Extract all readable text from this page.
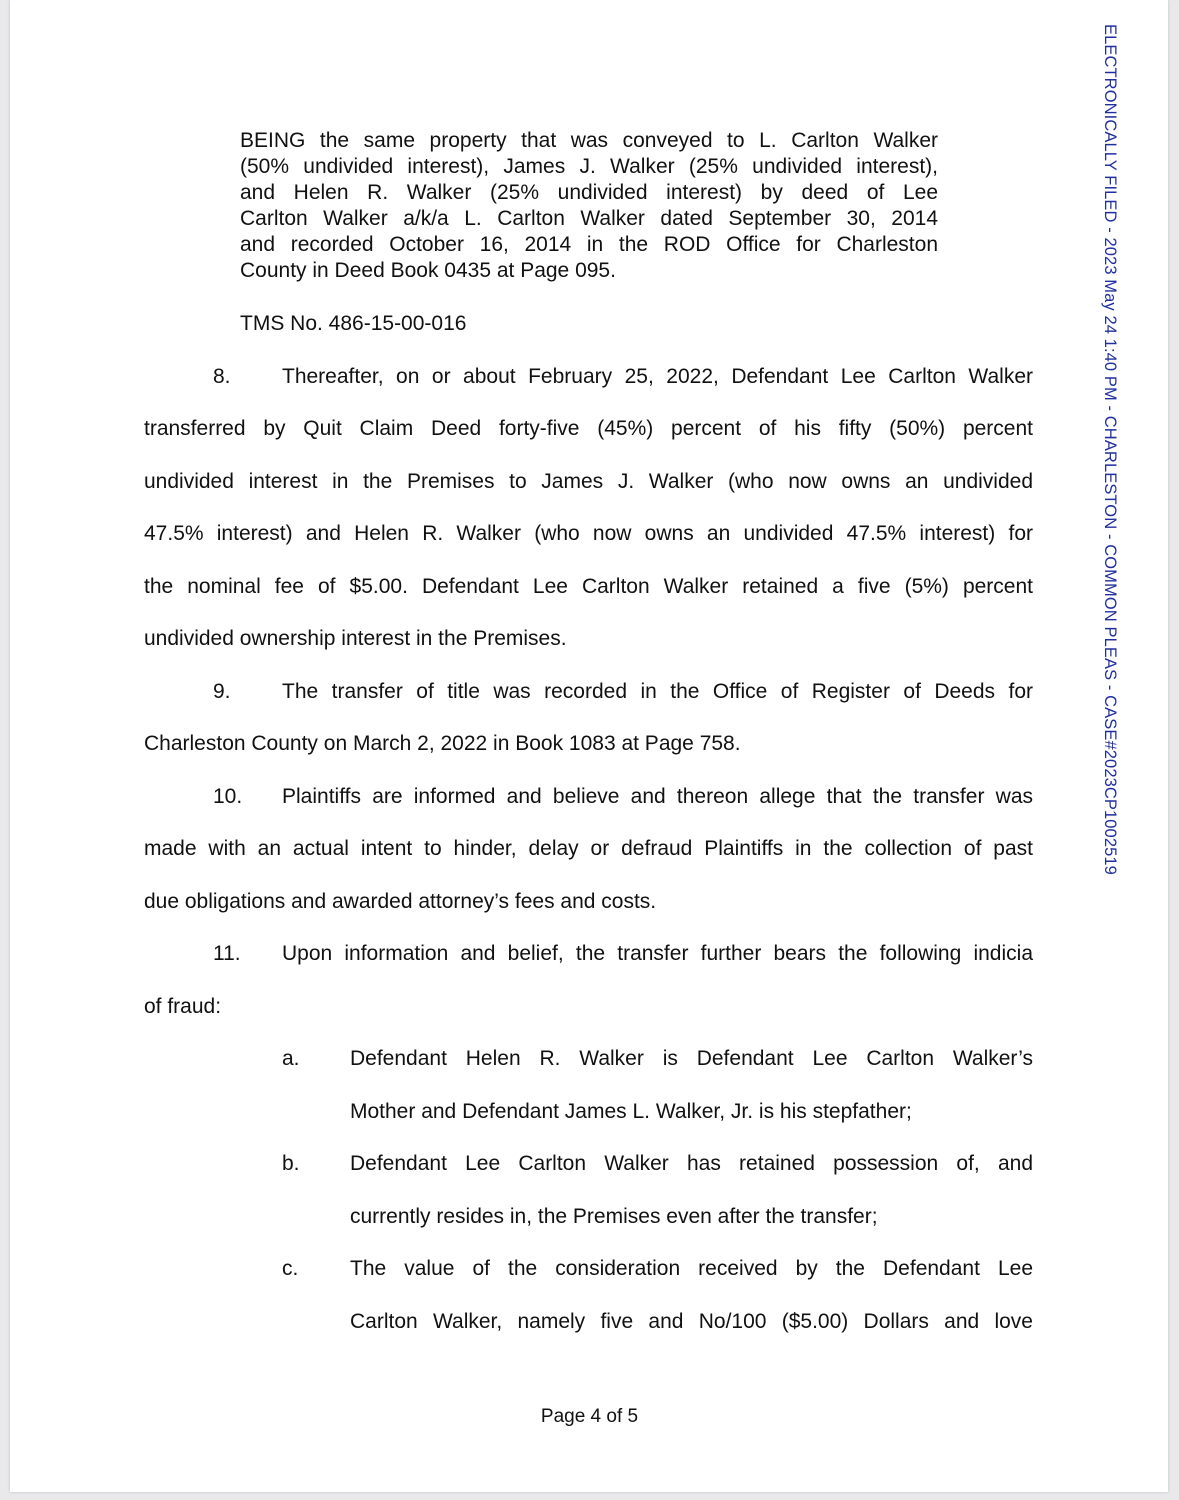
ELECTRONICALLY FILED - 2023 May 24 1:40 PM - CHARLESTON - COMMON PLEAS - CASE#2023CP1002519
BEING the same property that was conveyed to L. Carlton Walker
(50% undivided interest), James J. Walker (25% undivided interest),
and Helen R. Walker (25% undivided interest) by deed of Lee
Carlton Walker a/k/a L. Carlton Walker dated September 30, 2014
and recorded October 16, 2014 in the ROD Office for Charleston
County in Deed Book 0435 at Page 095.
TMS No. 486-15-00-016
8. Thereafter, on or about February 25, 2022, Defendant Lee Carlton Walker
transferred by Quit Claim Deed forty-five (45%) percent of his fifty (50%) percent
undivided interest in the Premises to James J. Walker (who now owns an undivided
47.5% interest) and Helen R. Walker (who now owns an undivided 47.5% interest) for
the nominal fee of $5.00. Defendant Lee Carlton Walker retained a five (5%) percent
undivided ownership interest in the Premises.
9. The transfer of title was recorded in the Office of Register of Deeds for
Charleston County on March 2, 2022 in Book 1083 at Page 758.
10. Plaintiffs are informed and believe and thereon allege that the transfer was
made with an actual intent to hinder, delay or defraud Plaintiffs in the collection of past
due obligations and awarded attorney’s fees and costs.
11. Upon information and belief, the transfer further bears the following indicia
of fraud:
a. Defendant Helen R. Walker is Defendant Lee Carlton Walker’s
Mother and Defendant James L. Walker, Jr. is his stepfather;
b. Defendant Lee Carlton Walker has retained possession of, and
currently resides in, the Premises even after the transfer;
c. The value of the consideration received by the Defendant Lee
Carlton Walker, namely five and No/100 ($5.00) Dollars and love
Page 4 of 5
